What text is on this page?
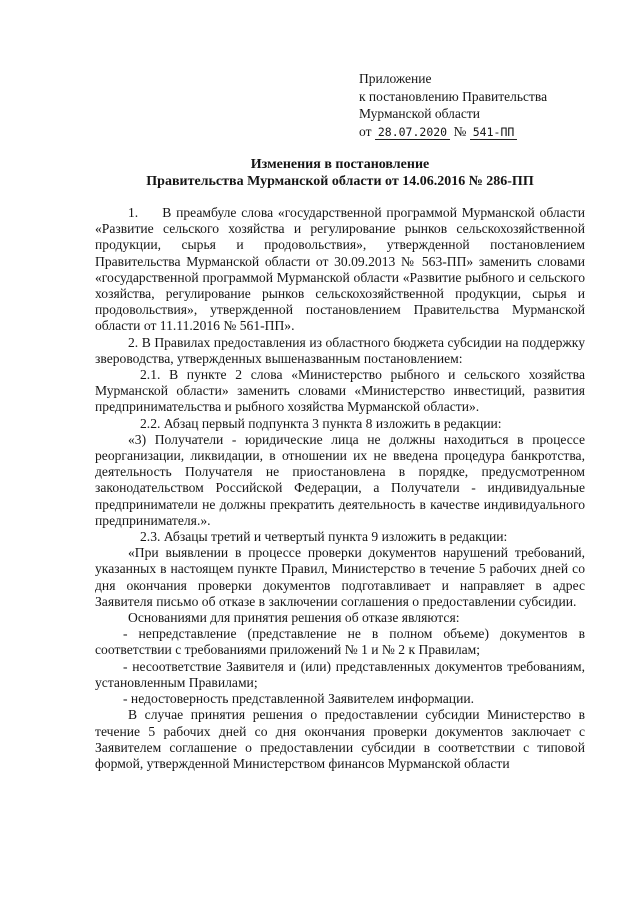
Приложение
к постановлению Правительства
Мурманской области
от 28.07.2020 № 541-ПП
Изменения в постановление
Правительства Мурманской области от 14.06.2016 № 286-ПП

1.     В преамбуле слова «государственной программой Мурманской области «Развитие сельского хозяйства и регулирование рынков сельскохозяйственной продукции, сырья и продовольствия», утвержденной постановлением Правительства Мурманской области от 30.09.2013 № 563-ПП» заменить словами «государственной программой Мурманской области «Развитие рыбного и сельского хозяйства, регулирование рынков сельскохозяйственной продукции, сырья и продовольствия», утвержденной постановлением Правительства Мурманской области от 11.11.2016 № 561-ПП».

2. В Правилах предоставления из областного бюджета субсидии на поддержку звероводства, утвержденных вышеназванным постановлением:

2.1. В пункте 2 слова «Министерство рыбного и сельского хозяйства Мурманской области» заменить словами «Министерство инвестиций, развития предпринимательства и рыбного хозяйства Мурманской области».

2.2. Абзац первый подпункта 3 пункта 8 изложить в редакции:

«3) Получатели - юридические лица не должны находиться в процессе реорганизации, ликвидации, в отношении их не введена процедура банкротства, деятельность Получателя не приостановлена в порядке, предусмотренном законодательством Российской Федерации, а Получатели - индивидуальные предприниматели не должны прекратить деятельность в качестве индивидуального предпринимателя.».

2.3. Абзацы третий и четвертый пункта 9 изложить в редакции:

«При выявлении в процессе проверки документов нарушений требований, указанных в настоящем пункте Правил, Министерство в течение 5 рабочих дней со дня окончания проверки документов подготавливает и направляет в адрес Заявителя письмо об отказе в заключении соглашения о предоставлении субсидии.

Основаниями для принятия решения об отказе являются:

- непредставление (представление не в полном объеме) документов в соответствии с требованиями приложений № 1 и № 2 к Правилам;

- несоответствие Заявителя и (или) представленных документов требованиям, установленным Правилами;

- недостоверность представленной Заявителем информации.

В случае принятия решения о предоставлении субсидии Министерство в течение 5 рабочих дней со дня окончания проверки документов заключает с Заявителем соглашение о предоставлении субсидии в соответствии с типовой формой, утвержденной Министерством финансов Мурманской области
